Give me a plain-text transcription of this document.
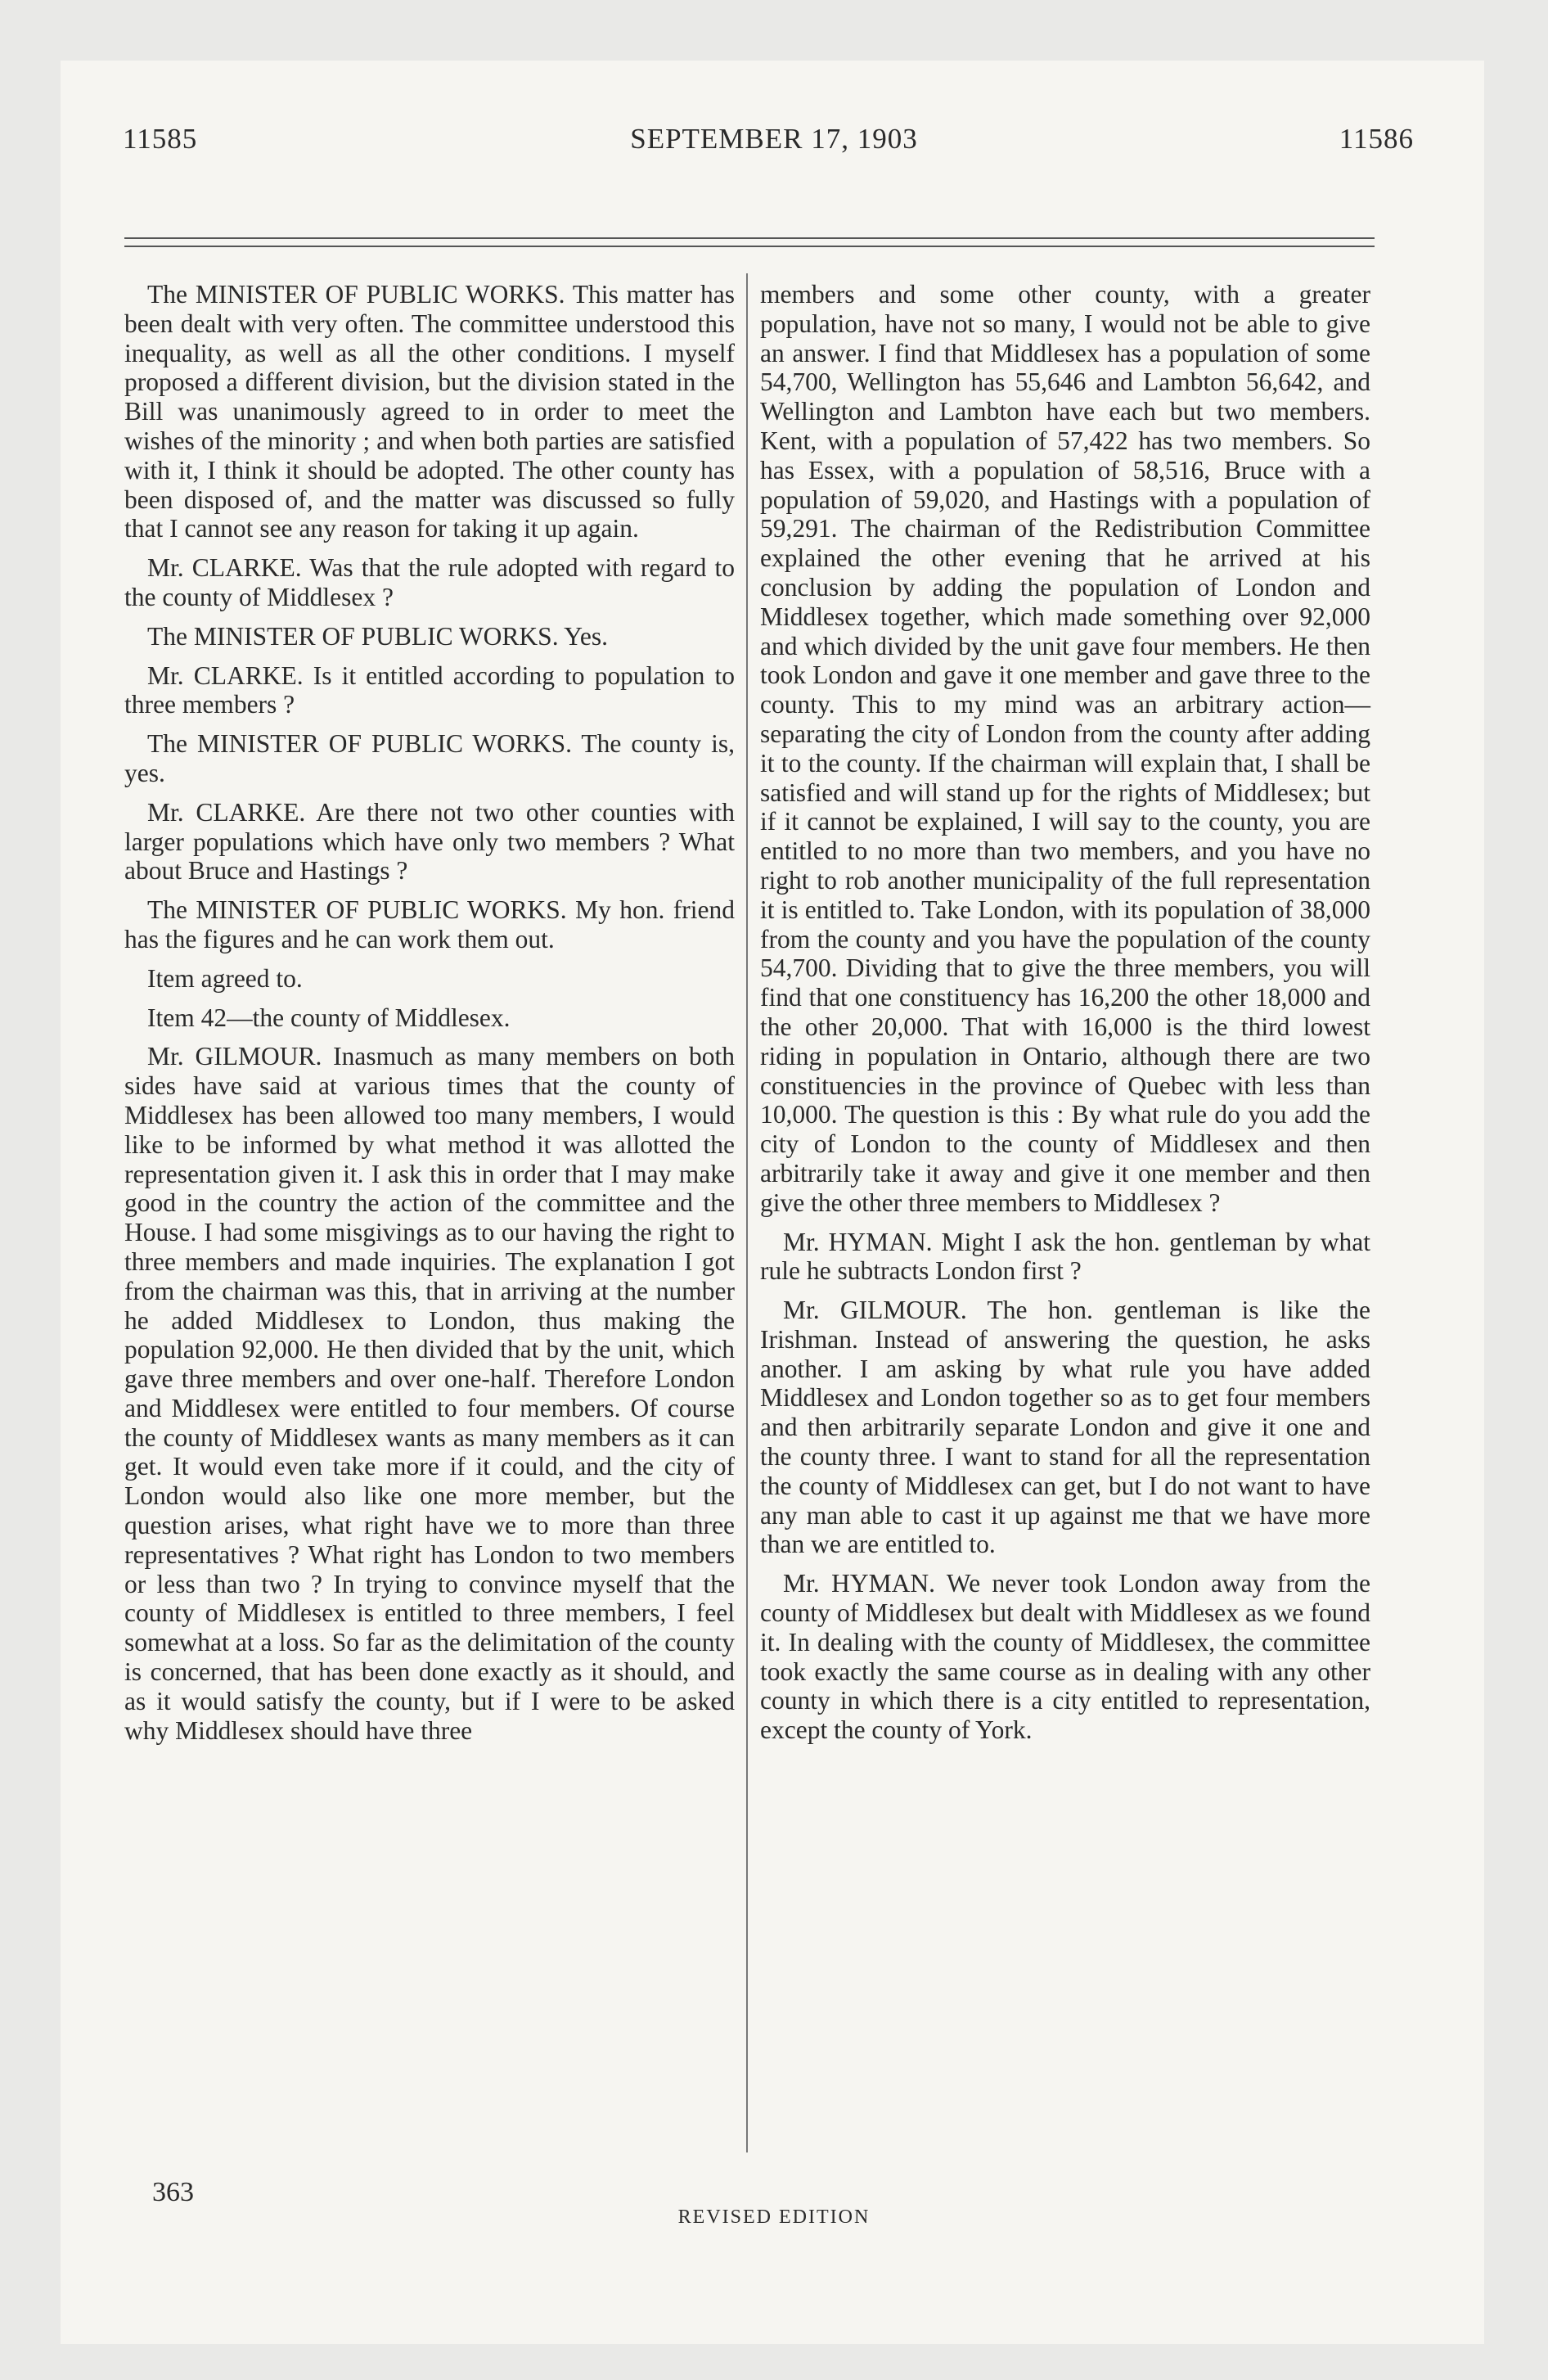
11585	SEPTEMBER 17, 1903	11586

The MINISTER OF PUBLIC WORKS. This matter has been dealt with very often. The committee understood this inequality, as well as all the other conditions. I myself proposed a different division, but the division stated in the Bill was unanimously agreed to in order to meet the wishes of the minority ; and when both parties are satisfied with it, I think it should be adopted. The other county has been disposed of, and the matter was discussed so fully that I cannot see any reason for taking it up again.

Mr. CLARKE. Was that the rule adopted with regard to the county of Middlesex ?

The MINISTER OF PUBLIC WORKS. Yes.

Mr. CLARKE. Is it entitled according to population to three members ?

The MINISTER OF PUBLIC WORKS. The county is, yes.

Mr. CLARKE. Are there not two other counties with larger populations which have only two members ? What about Bruce and Hastings ?

The MINISTER OF PUBLIC WORKS. My hon. friend has the figures and he can work them out.

Item agreed to.

Item 42—the county of Middlesex.

Mr. GILMOUR. Inasmuch as many members on both sides have said at various times that the county of Middlesex has been allowed too many members, I would like to be informed by what method it was allotted the representation given it. I ask this in order that I may make good in the country the action of the committee and the House. I had some misgivings as to our having the right to three members and made inquiries. The explanation I got from the chairman was this, that in arriving at the number he added Middlesex to London, thus making the population 92,000. He then divided that by the unit, which gave three members and over one-half. Therefore London and Middlesex were entitled to four members. Of course the county of Middlesex wants as many members as it can get. It would even take more if it could, and the city of London would also like one more member, but the question arises, what right have we to more than three representatives ? What right has London to two members or less than two ? In trying to convince myself that the county of Middlesex is entitled to three members, I feel somewhat at a loss. So far as the delimitation of the county is concerned, that has been done exactly as it should, and as it would satisfy the county, but if I were to be asked why Middlesex should have three

members and some other county, with a greater population, have not so many, I would not be able to give an answer. I find that Middlesex has a population of some 54,700, Wellington has 55,646 and Lambton 56,642, and Wellington and Lambton have each but two members. Kent, with a population of 57,422 has two members. So has Essex, with a population of 58,516, Bruce with a population of 59,020, and Hastings with a population of 59,291. The chairman of the Redistribution Committee explained the other evening that he arrived at his conclusion by adding the population of London and Middlesex together, which made something over 92,000 and which divided by the unit gave four members. He then took London and gave it one member and gave three to the county. This to my mind was an arbitrary action—separating the city of London from the county after adding it to the county. If the chairman will explain that, I shall be satisfied and will stand up for the rights of Middlesex; but if it cannot be explained, I will say to the county, you are entitled to no more than two members, and you have no right to rob another municipality of the full representation it is entitled to. Take London, with its population of 38,000 from the county and you have the population of the county 54,700. Dividing that to give the three members, you will find that one constituency has 16,200 the other 18,000 and the other 20,000. That with 16,000 is the third lowest riding in population in Ontario, although there are two constituencies in the province of Quebec with less than 10,000. The question is this : By what rule do you add the city of London to the county of Middlesex and then arbitrarily take it away and give it one member and then give the other three members to Middlesex ?

Mr. HYMAN. Might I ask the hon. gentleman by what rule he subtracts London first ?

Mr. GILMOUR. The hon. gentleman is like the Irishman. Instead of answering the question, he asks another. I am asking by what rule you have added Middlesex and London together so as to get four members and then arbitrarily separate London and give it one and the county three. I want to stand for all the representation the county of Middlesex can get, but I do not want to have any man able to cast it up against me that we have more than we are entitled to.

Mr. HYMAN. We never took London away from the county of Middlesex but dealt with Middlesex as we found it. In dealing with the county of Middlesex, the committee took exactly the same course as in dealing with any other county in which there is a city entitled to representation, except the county of York.

363
REVISED EDITION
